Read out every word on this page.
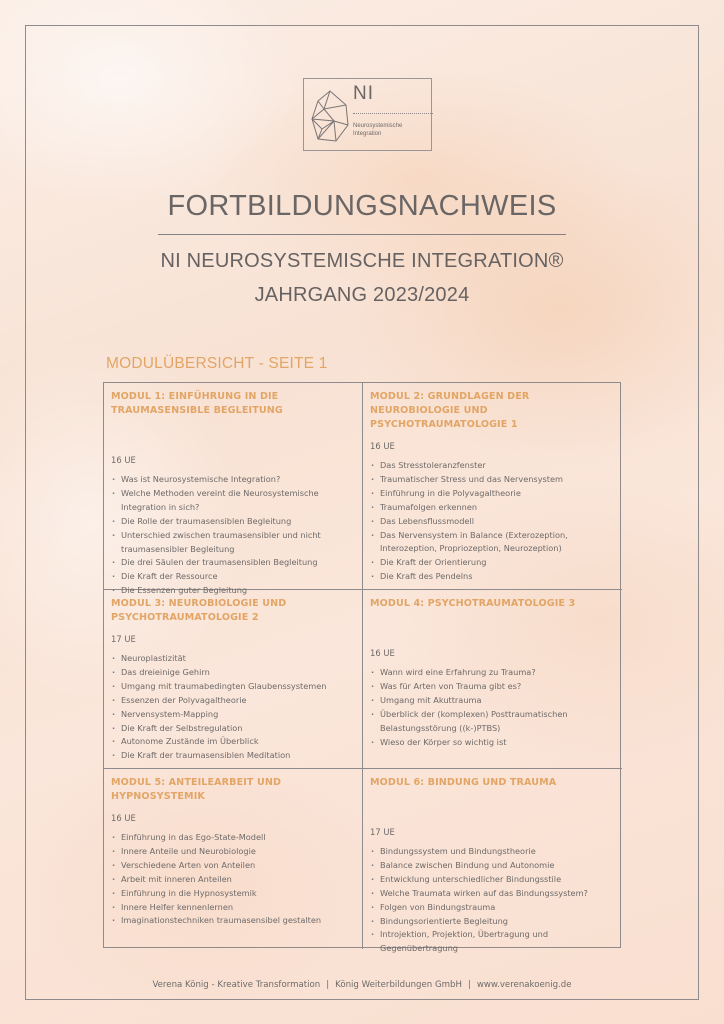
NI
Neurosystemische
Integration
FORTBILDUNGSNACHWEIS
NI NEUROSYSTEMISCHE INTEGRATION®
JAHRGANG 2023/2024
MODULÜBERSICHT - SEITE 1
MODUL 1: EINFÜHRUNG IN DIE TRAUMASENSIBLE BEGLEITUNG
16 UE
· Was ist Neurosystemische Integration?
· Welche Methoden vereint die Neurosystemische Integration in sich?
· Die Rolle der traumasensiblen Begleitung
· Unterschied zwischen traumasensibler und nicht traumasensibler Begleitung
· Die drei Säulen der traumasensiblen Begleitung
· Die Kraft der Ressource
· Die Essenzen guter Begleitung
MODUL 2: GRUNDLAGEN DER NEUROBIOLOGIE UND PSYCHOTRAUMATOLOGIE 1
16 UE
· Das Stresstoleranzfenster
· Traumatischer Stress und das Nervensystem
· Einführung in die Polyvagaltheorie
· Traumafolgen erkennen
· Das Lebensflussmodell
· Das Nervensystem in Balance (Exterozeption, Interozeption, Propriozeption, Neurozeption)
· Die Kraft der Orientierung
· Die Kraft des Pendelns
MODUL 3: NEUROBIOLOGIE UND PSYCHOTRAUMATOLOGIE 2
17 UE
· Neuroplastizität
· Das dreieinige Gehirn
· Umgang mit traumabedingten Glaubenssystemen
· Essenzen der Polyvagaltheorie
· Nervensystem-Mapping
· Die Kraft der Selbstregulation
· Autonome Zustände im Überblick
· Die Kraft der traumasensiblen Meditation
MODUL 4: PSYCHOTRAUMATOLOGIE 3
16 UE
· Wann wird eine Erfahrung zu Trauma?
· Was für Arten von Trauma gibt es?
· Umgang mit Akuttrauma
· Überblick der (komplexen) Posttraumatischen Belastungsstörung ((k-)PTBS)
· Wieso der Körper so wichtig ist
MODUL 5: ANTEILEARBEIT UND HYPNOSYSTEMIK
16 UE
· Einführung in das Ego-State-Modell
· Innere Anteile und Neurobiologie
· Verschiedene Arten von Anteilen
· Arbeit mit inneren Anteilen
· Einführung in die Hypnosystemik
· Innere Helfer kennenlernen
· Imaginationstechniken traumasensibel gestalten
MODUL 6: BINDUNG UND TRAUMA
17 UE
· Bindungssystem und Bindungstheorie
· Balance zwischen Bindung und Autonomie
· Entwicklung unterschiedlicher Bindungsstile
· Welche Traumata wirken auf das Bindungssystem?
· Folgen von Bindungstrauma
· Bindungsorientierte Begleitung
· Introjektion, Projektion, Übertragung und Gegenübertragung
Verena König - Kreative Transformation | König Weiterbildungen GmbH | www.verenakoenig.de
